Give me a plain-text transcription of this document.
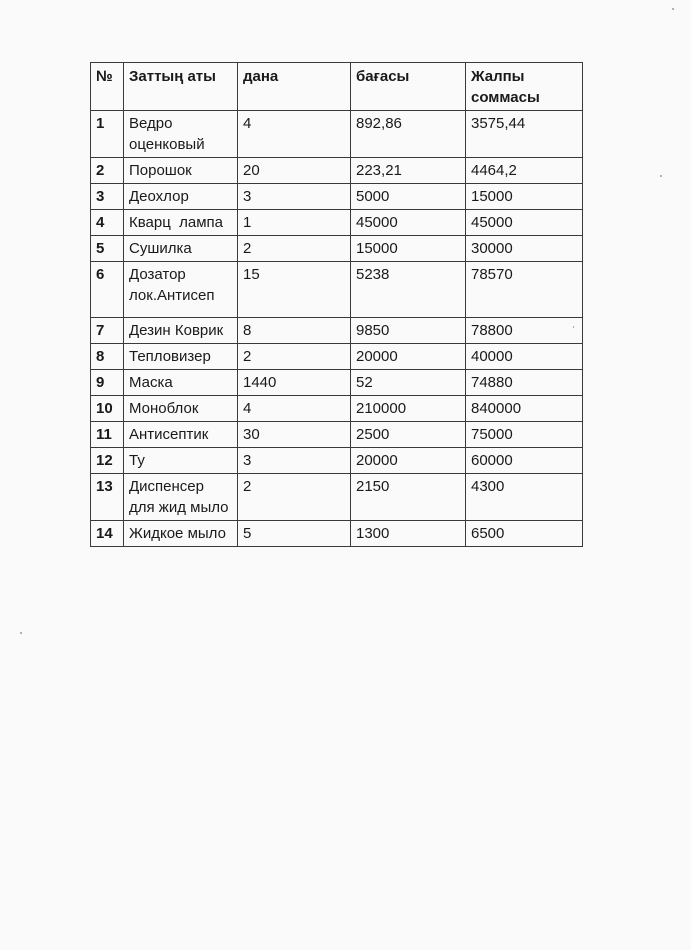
№	Заттың аты	дана	бағасы	Жалпы соммасы
1	Ведро оценковый	4	892,86	3575,44
2	Порошок	20	223,21	4464,2
3	Деохлор	3	5000	15000
4	Кварц  лампа	1	45000	45000
5	Сушилка	2	15000	30000
6	Дозатор лок.Антисеп	15	5238	78570
7	Дезин Коврик	8	9850	78800
8	Тепловизер	2	20000	40000
9	Маска	1440	52	74880
10	Моноблок	4	210000	840000
11	Антисептик	30	2500	75000
12	Ту	3	20000	60000
13	Диспенсер для жид мыло	2	2150	4300
14	Жидкое мыло	5	1300	6500
